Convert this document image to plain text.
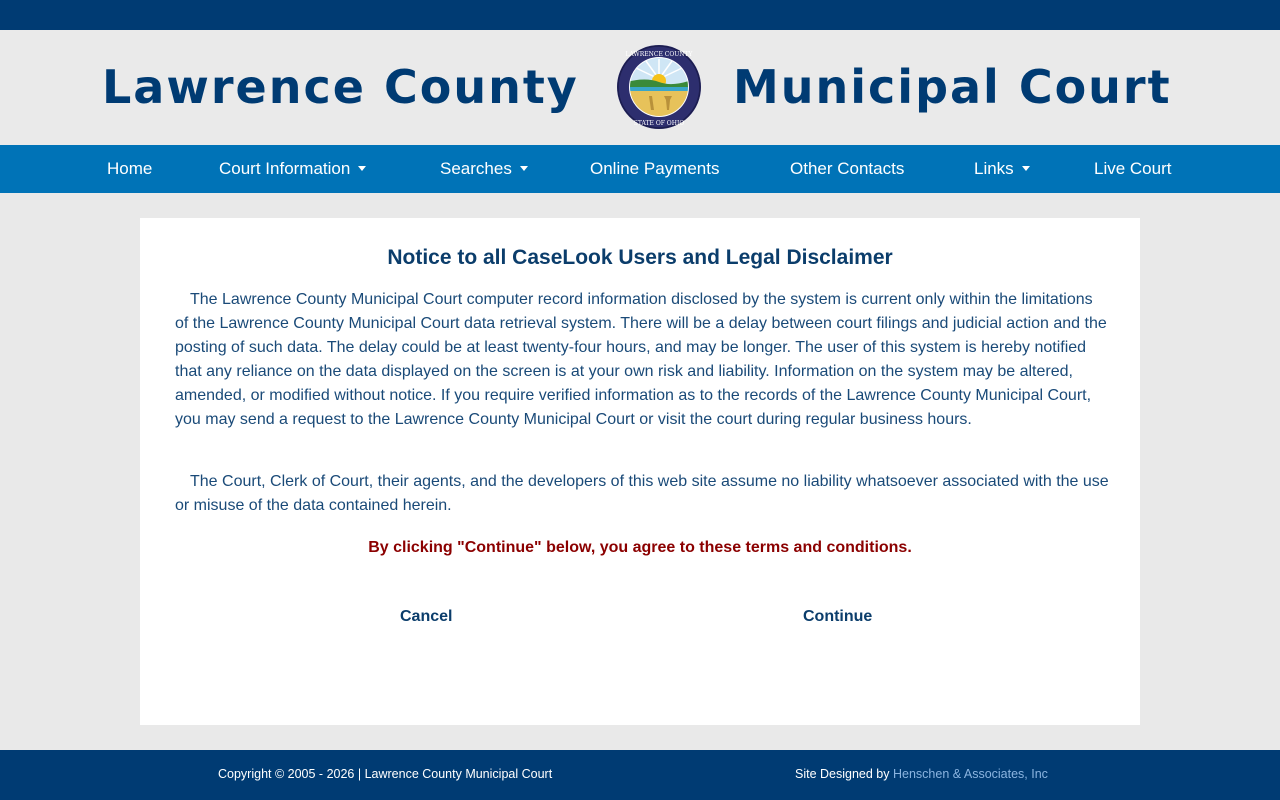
Lawrence County
LAWRENCE COUNTY
STATE OF OHIO
Municipal Court
Home	Court Information	Searches	Online Payments	Other Contacts	Links	Live Court
Notice to all CaseLook Users and Legal Disclaimer

The Lawrence County Municipal Court computer record information disclosed by the system is current only within the limitations of the Lawrence County Municipal Court data retrieval system. There will be a delay between court filings and judicial action and the posting of such data. The delay could be at least twenty-four hours, and may be longer. The user of this system is hereby notified that any reliance on the data displayed on the screen is at your own risk and liability. Information on the system may be altered, amended, or modified without notice. If you require verified information as to the records of the Lawrence County Municipal Court, you may send a request to the Lawrence County Municipal Court or visit the court during regular business hours.

The Court, Clerk of Court, their agents, and the developers of this web site assume no liability whatsoever associated with the use or misuse of the data contained herein.

By clicking "Continue" below, you agree to these terms and conditions.

Cancel	Continue
Copyright © 2005 - 2026 | Lawrence County Municipal Court	Site Designed by Henschen & Associates, Inc
